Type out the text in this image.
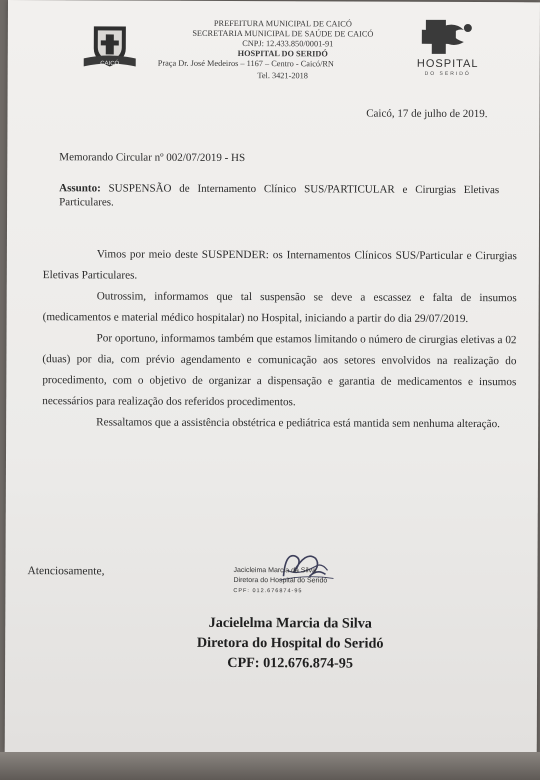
CAICÓ
PREFEITURA MUNICIPAL DE CAICÓ
SECRETARIA MUNICIPAL DE SAÚDE DE CAICÓ
CNPJ: 12.433.850/0001-91
HOSPITAL DO SERIDÓ
Praça Dr. José Medeiros – 1167 – Centro - Caicó/RN
Tel. 3421-2018
HOSPITAL
DO SERIDÓ
Caicó, 17 de julho de 2019.
Memorando Circular nº 002/07/2019 - HS
Assunto: SUSPENSÃO de Internamento Clínico SUS/PARTICULAR e Cirurgias Eletivas Particulares.

Vimos por meio deste SUSPENDER: os Internamentos Clínicos SUS/Particular e Cirurgias Eletivas Particulares.

Outrossim, informamos que tal suspensão se deve a escassez e falta de insumos (medicamentos e material médico hospitalar) no Hospital, iniciando a partir do dia 29/07/2019.

Por oportuno, informamos também que estamos limitando o número de cirurgias eletivas a 02 (duas) por dia, com prévio agendamento e comunicação aos setores envolvidos na realização do procedimento, com o objetivo de organizar a dispensação e garantia de medicamentos e insumos necessários para realização dos referidos procedimentos.

Ressaltamos que a assistência obstétrica e pediátrica está mantida sem nenhuma alteração.

Atenciosamente,	Jacicleima Marcia da Silva
Diretora do Hospital do Seridó
CPF: 012.676874-95
Jacielelma Marcia da Silva
Diretora do Hospital do Seridó
CPF: 012.676.874-95
